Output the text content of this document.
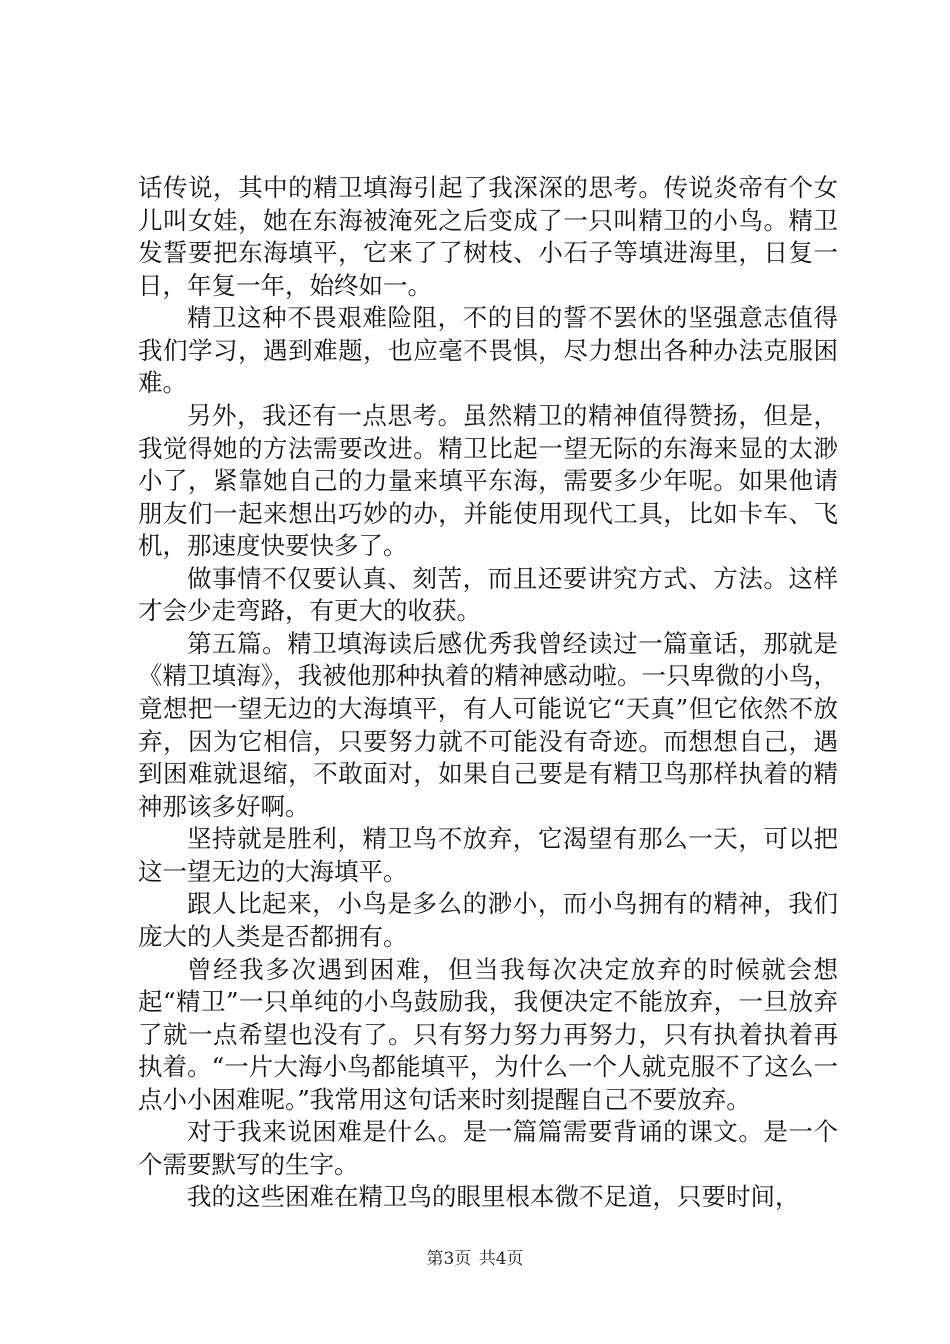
话传说，其中的精卫填海引起了我深深的思考。传说炎帝有个女儿叫女娃，她在东海被淹死之后变成了一只叫精卫的小鸟。精卫发誓要把东海填平，它来了了树枝、小石子等填进海里，日复一日，年复一年，始终如一。

精卫这种不畏艰难险阻，不的目的誓不罢休的坚强意志值得我们学习，遇到难题，也应毫不畏惧，尽力想出各种办法克服困难。

另外，我还有一点思考。虽然精卫的精神值得赞扬，但是，我觉得她的方法需要改进。精卫比起一望无际的东海来显的太渺小了，紧靠她自己的力量来填平东海，需要多少年呢。如果他请朋友们一起来想出巧妙的办，并能使用现代工具，比如卡车、飞机，那速度快要快多了。

做事情不仅要认真、刻苦，而且还要讲究方式、方法。这样才会少走弯路，有更大的收获。

第五篇。精卫填海读后感优秀我曾经读过一篇童话，那就是《精卫填海》，我被他那种执着的精神感动啦。一只卑微的小鸟，竟想把一望无边的大海填平，有人可能说它“天真”但它依然不放弃，因为它相信，只要努力就不可能没有奇迹。而想想自己，遇到困难就退缩，不敢面对，如果自己要是有精卫鸟那样执着的精神那该多好啊。

坚持就是胜利，精卫鸟不放弃，它渴望有那么一天，可以把这一望无边的大海填平。

跟人比起来，小鸟是多么的渺小，而小鸟拥有的精神，我们庞大的人类是否都拥有。

曾经我多次遇到困难，但当我每次决定放弃的时候就会想起“精卫”一只单纯的小鸟鼓励我，我便决定不能放弃，一旦放弃了就一点希望也没有了。只有努力努力再努力，只有执着执着再执着。“一片大海小鸟都能填平，为什么一个人就克服不了这么一点小小困难呢。”我常用这句话来时刻提醒自己不要放弃。

对于我来说困难是什么。是一篇篇需要背诵的课文。是一个个需要默写的生字。

我的这些困难在精卫鸟的眼里根本微不足道，只要时间，

第3页 共4页
